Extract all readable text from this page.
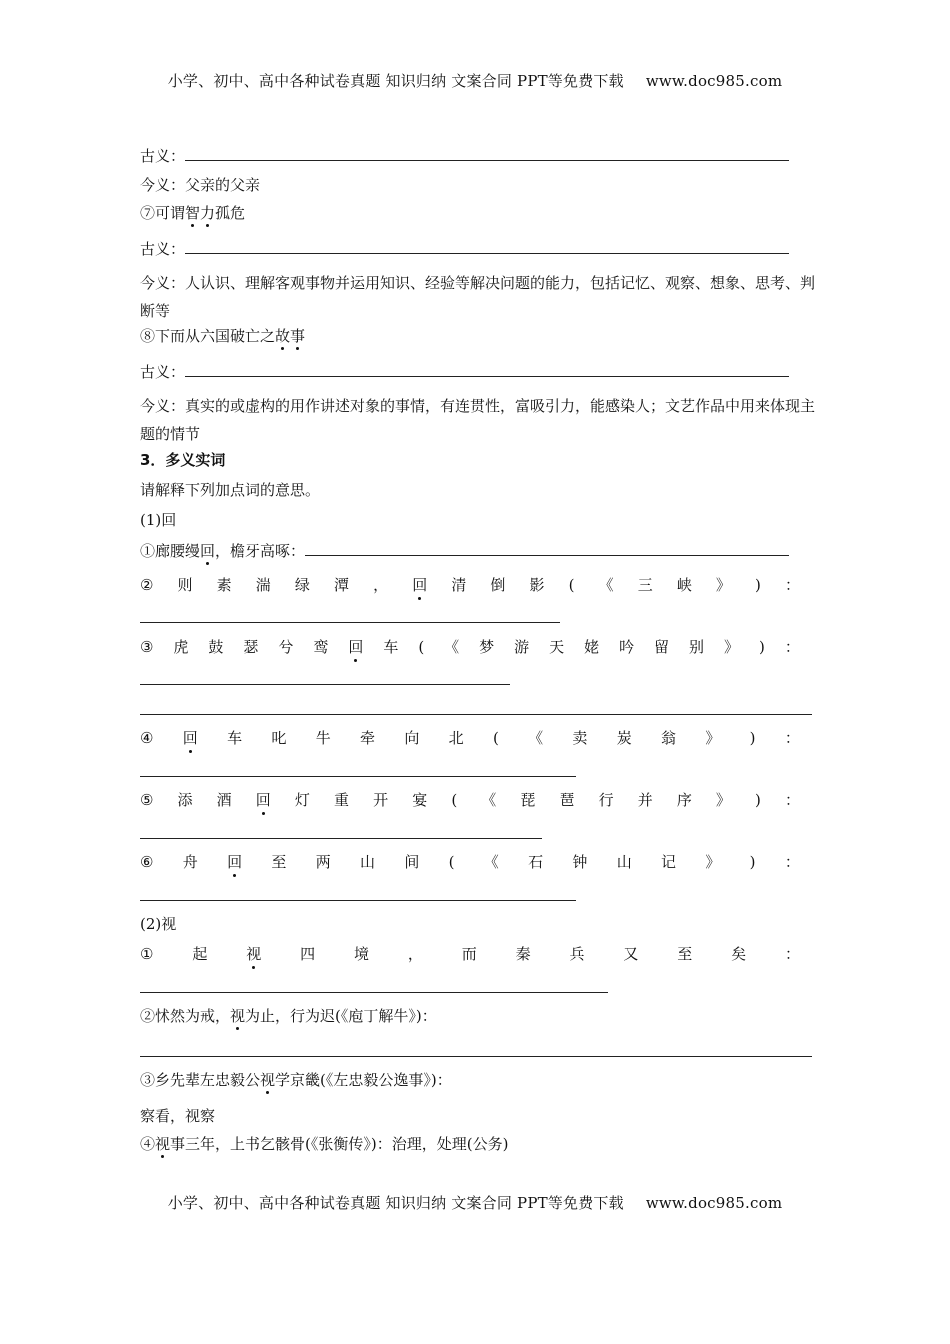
小学、初中、高中各种试卷真题 知识归纳 文案合同 PPT等免费下载 www.doc985.com
古义：
今义：父亲的父亲
⑦可谓智力孤危
古义：
今义：人认识、理解客观事物并运用知识、经验等解决问题的能力，包括记忆、观察、想象、思考、判断等
⑧下而从六国破亡之故事
古义：
今义：真实的或虚构的用作讲述对象的事情，有连贯性，富吸引力，能感染人；文艺作品中用来体现主题的情节
3．多义实词
请解释下列加点词的意思。
(1)回
①廊腰缦回，檐牙高啄：
② 则 素 湍 绿 潭 ， 回 清 倒 影 ( 《 三 峡 》 ) ：
③ 虎 鼓 瑟 兮 鸾 回 车 ( 《 梦 游 天 姥 吟 留 别 》 ) ：
④ 回 车 叱 牛 牵 向 北 ( 《 卖 炭 翁 》 ) ：
⑤ 添 酒 回 灯 重 开 宴 ( 《 琵 琶 行 并 序 》 ) ：
⑥ 舟 回 至 两 山 间 ( 《 石 钟 山 记 》 ) ：
(2)视
①	起	视	四	境	，	而	秦	兵	又	至	矣	：
②怵然为戒，视为止，行为迟(《庖丁解牛》)：
③乡先辈左忠毅公视学京畿(《左忠毅公逸事》)：
察看，视察
④视事三年，上书乞骸骨(《张衡传》)：治理，处理(公务)
小学、初中、高中各种试卷真题 知识归纳 文案合同 PPT等免费下载 www.doc985.com
